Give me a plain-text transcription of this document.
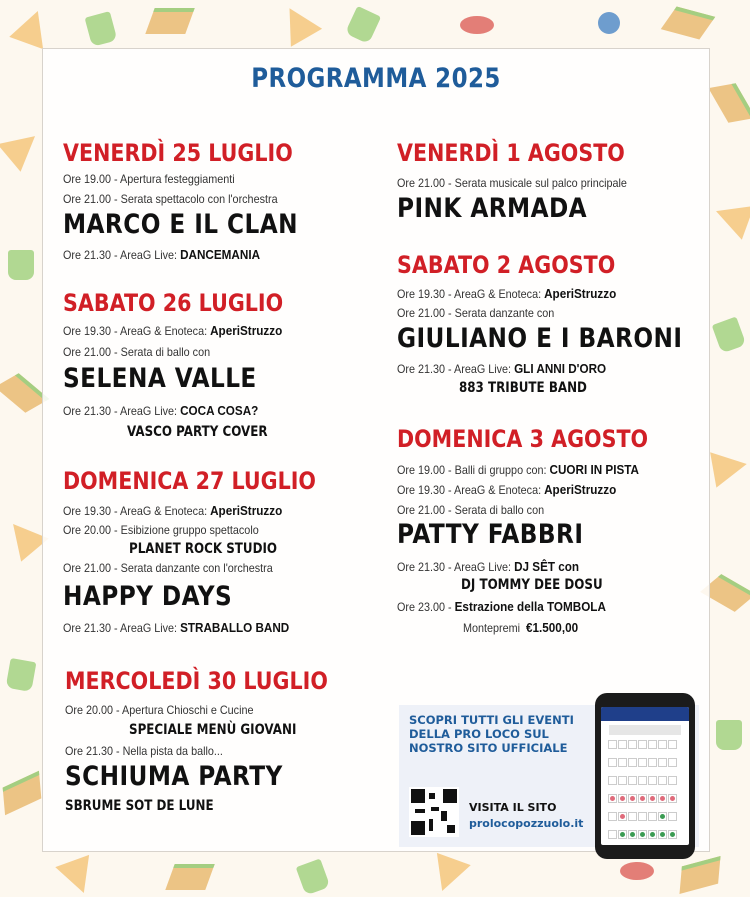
PROGRAMMA 2025
VENERDÌ 25 LUGLIO
Ore 19.00 - Apertura festeggiamenti
Ore 21.00 - Serata spettacolo con l'orchestra
MARCO E IL CLAN
Ore 21.30 - AreaG Live: DANCEMANIA
SABATO 26 LUGLIO
Ore 19.30 - AreaG & Enoteca: AperiStruzzo
Ore 21.00 - Serata di ballo con
SELENA VALLE
Ore 21.30 - AreaG Live: COCA COSA?
VASCO PARTY COVER
DOMENICA 27 LUGLIO
Ore 19.30 - AreaG & Enoteca: AperiStruzzo
Ore 20.00 - Esibizione gruppo spettacolo
PLANET ROCK STUDIO
Ore 21.00 - Serata danzante con l'orchestra
HAPPY DAYS
Ore 21.30 - AreaG Live: STRABALLO BAND
MERCOLEDÌ 30 LUGLIO
Ore 20.00 - Apertura Chioschi e Cucine
SPECIALE MENÙ GIOVANI
Ore 21.30 - Nella pista da ballo...
SCHIUMA PARTY
SBRUME SOT DE LUNE
VENERDÌ 1 AGOSTO
Ore 21.00 - Serata musicale sul palco principale
PINK ARMADA
SABATO 2 AGOSTO
Ore 19.30 - AreaG & Enoteca: AperiStruzzo
Ore 21.00 - Serata danzante con
GIULIANO E I BARONI
Ore 21.30 - AreaG Live: GLI ANNI D'ORO
883 TRIBUTE BAND
DOMENICA 3 AGOSTO
Ore 19.00 - Balli di gruppo con: CUORI IN PISTA
Ore 19.30 - AreaG & Enoteca: AperiStruzzo
Ore 21.00 - Serata di ballo con
PATTY FABBRI
Ore 21.30 - AreaG Live: DJ SÊT con
DJ TOMMY DEE DOSU
Ore 23.00 - Estrazione della TOMBOLA
Montepremi €1.500,00
SCOPRI TUTTI GLI EVENTI DELLA PRO LOCO SUL NOSTRO SITO UFFICIALE
VISITA IL SITO
prolocopozzuolo.it
